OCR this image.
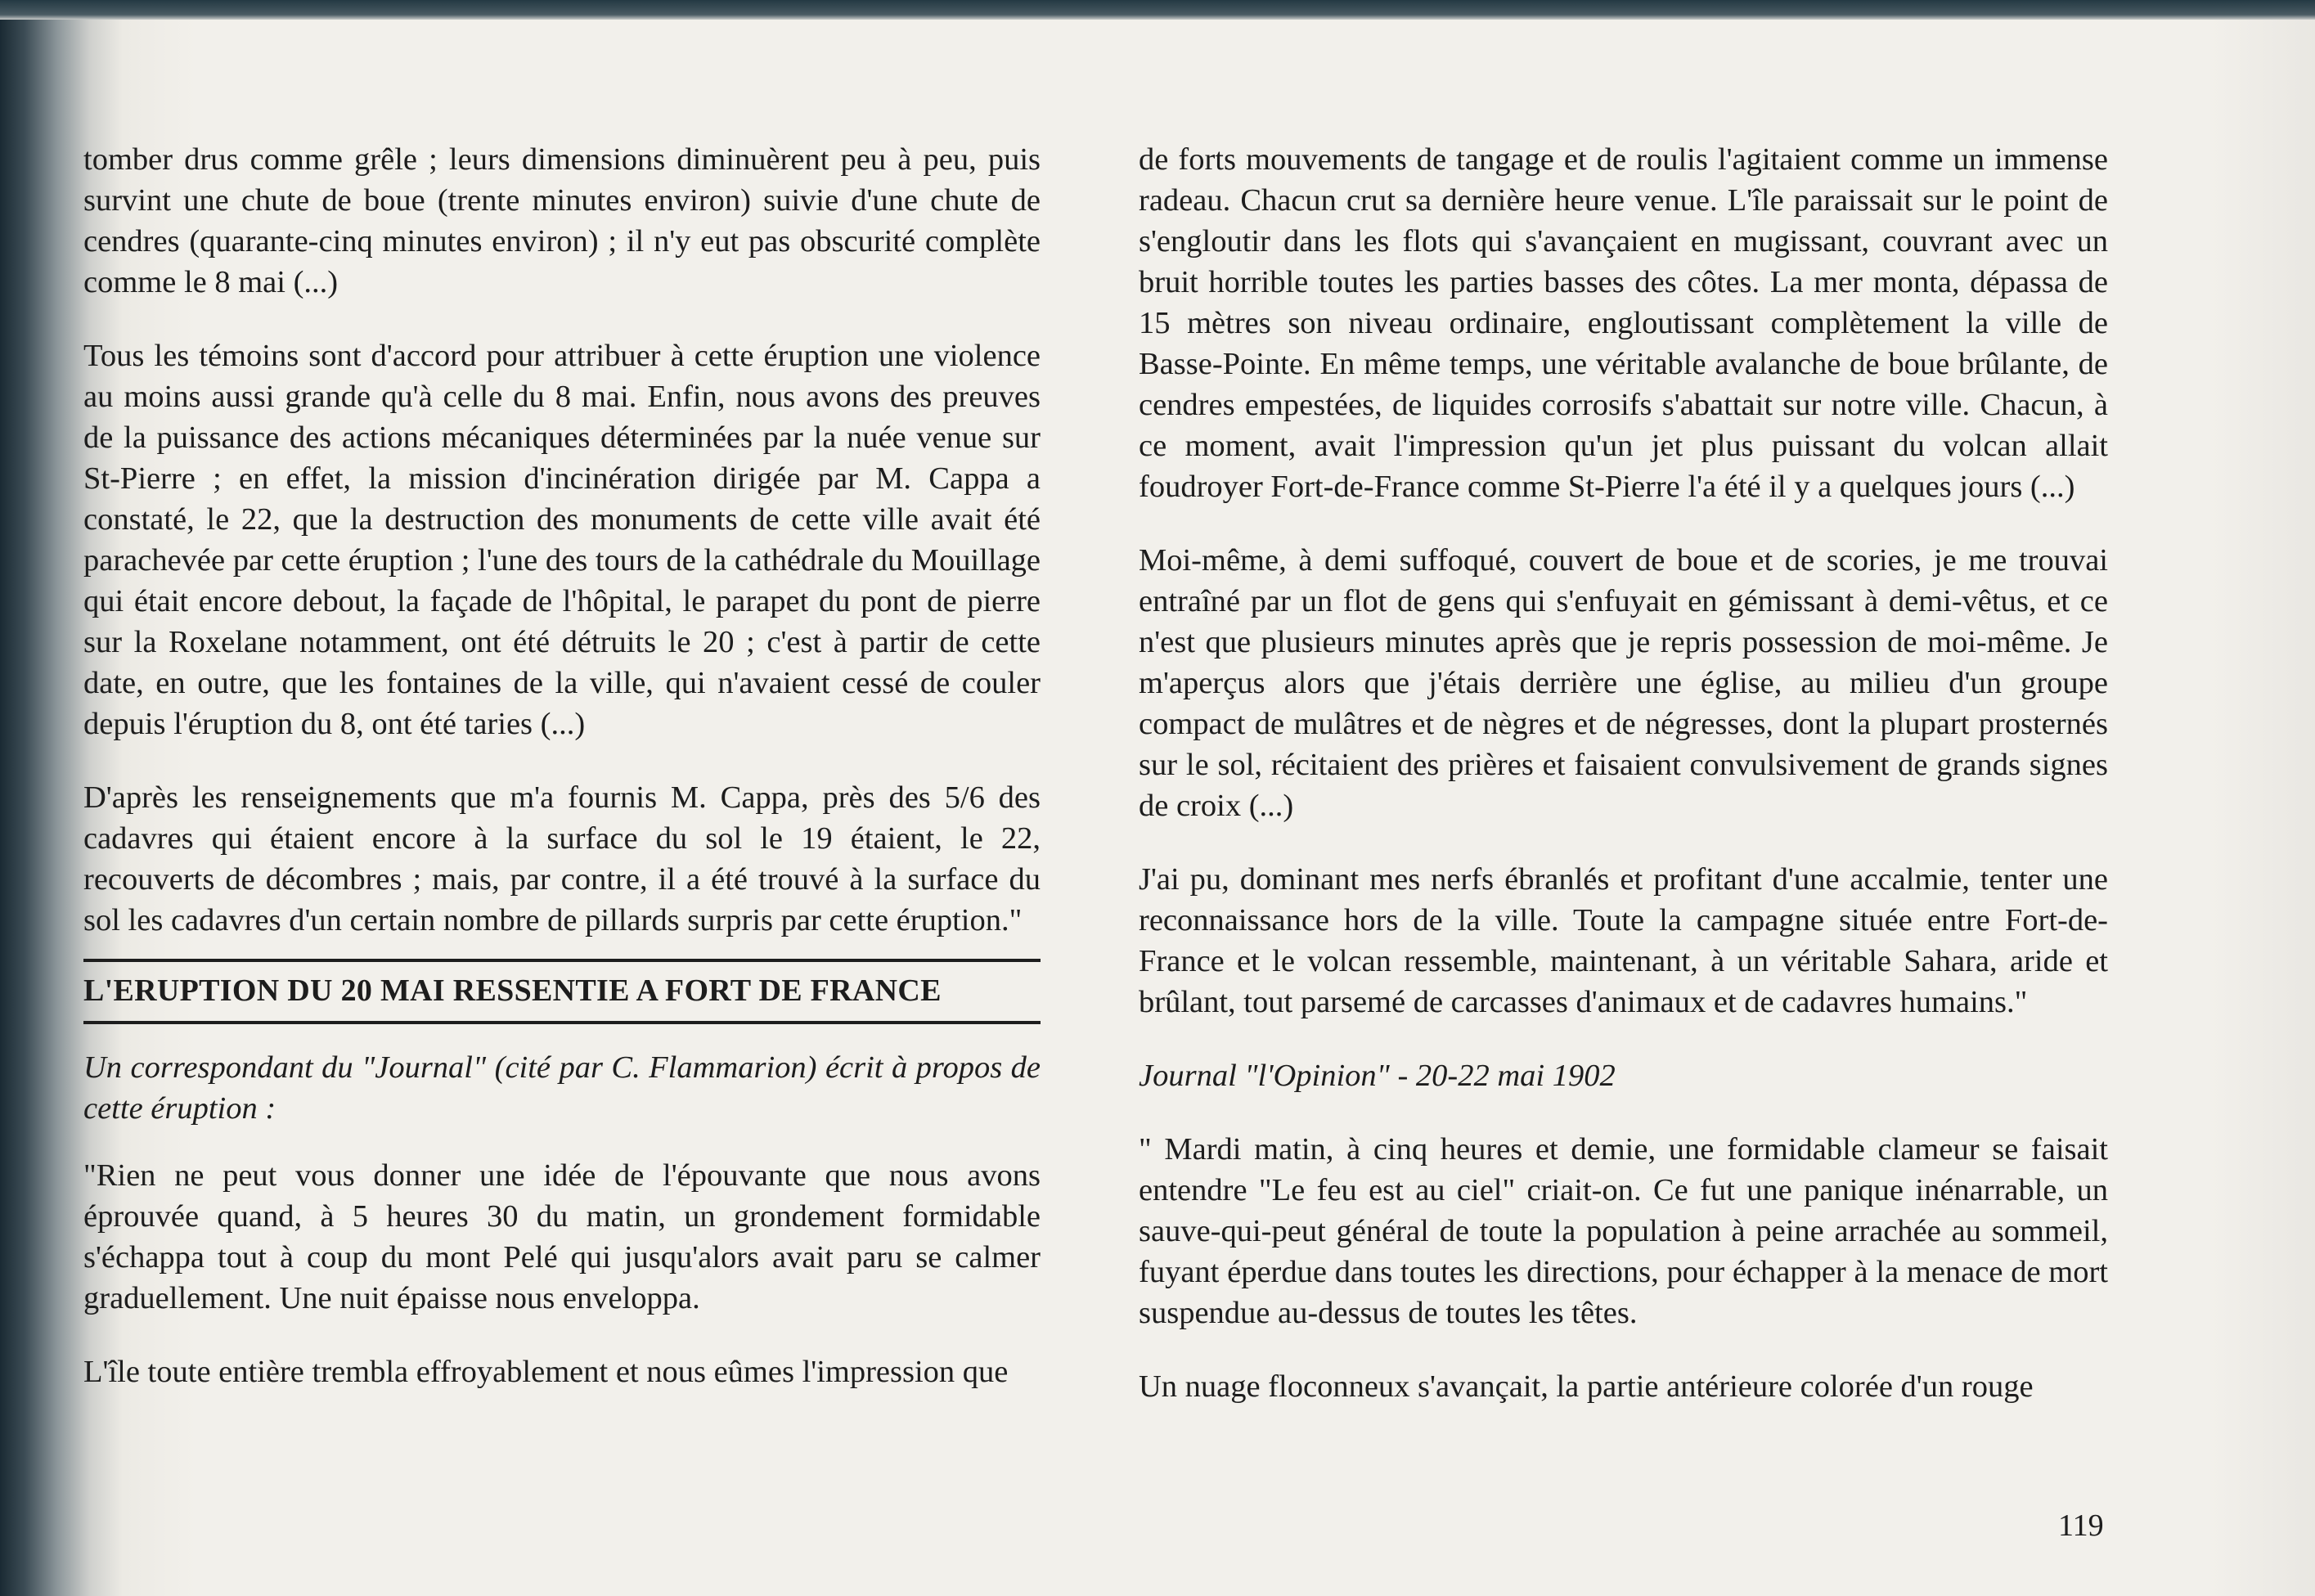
tomber drus comme grêle ; leurs dimensions diminuèrent peu à peu, puis survint une chute de boue (trente minutes environ) suivie d'une chute de cendres (quarante-cinq minutes environ) ; il n'y eut pas obscurité complète comme le 8 mai (...)

Tous les témoins sont d'accord pour attribuer à cette éruption une violence au moins aussi grande qu'à celle du 8 mai. Enfin, nous avons des preuves de la puissance des actions mécaniques déterminées par la nuée venue sur St-Pierre ; en effet, la mission d'incinération dirigée par M. Cappa a constaté, le 22, que la destruction des monuments de cette ville avait été parachevée par cette éruption ; l'une des tours de la cathédrale du Mouillage qui était encore debout, la façade de l'hôpital, le parapet du pont de pierre sur la Roxelane notamment, ont été détruits le 20 ; c'est à partir de cette date, en outre, que les fontaines de la ville, qui n'avaient cessé de couler depuis l'éruption du 8, ont été taries (...)

D'après les renseignements que m'a fournis M. Cappa, près des 5/6 des cadavres qui étaient encore à la surface du sol le 19 étaient, le 22, recouverts de décombres ; mais, par contre, il a été trouvé à la surface du sol les cadavres d'un certain nombre de pillards surpris par cette éruption."

L'ERUPTION DU 20 MAI RESSENTIE A FORT DE FRANCE

Un correspondant du "Journal" (cité par C. Flammarion) écrit à propos de cette éruption :

"Rien ne peut vous donner une idée de l'épouvante que nous avons éprouvée quand, à 5 heures 30 du matin, un grondement formidable s'échappa tout à coup du mont Pelé qui jusqu'alors avait paru se calmer graduellement. Une nuit épaisse nous enveloppa.

L'île toute entière trembla effroyablement et nous eûmes l'impression que

de forts mouvements de tangage et de roulis l'agitaient comme un immense radeau. Chacun crut sa dernière heure venue. L'île paraissait sur le point de s'engloutir dans les flots qui s'avançaient en mugissant, couvrant avec un bruit horrible toutes les parties basses des côtes. La mer monta, dépassa de 15 mètres son niveau ordinaire, engloutissant complètement la ville de Basse-Pointe. En même temps, une véritable avalanche de boue brûlante, de cendres empestées, de liquides corrosifs s'abattait sur notre ville. Chacun, à ce moment, avait l'impression qu'un jet plus puissant du volcan allait foudroyer Fort-de-France comme St-Pierre l'a été il y a quelques jours (...)

Moi-même, à demi suffoqué, couvert de boue et de scories, je me trouvai entraîné par un flot de gens qui s'enfuyait en gémissant à demi-vêtus, et ce n'est que plusieurs minutes après que je repris possession de moi-même. Je m'aperçus alors que j'étais derrière une église, au milieu d'un groupe compact de mulâtres et de nègres et de négresses, dont la plupart prosternés sur le sol, récitaient des prières et faisaient convulsivement de grands signes de croix (...)

J'ai pu, dominant mes nerfs ébranlés et profitant d'une accalmie, tenter une reconnaissance hors de la ville. Toute la campagne située entre Fort-de-France et le volcan ressemble, maintenant, à un véritable Sahara, aride et brûlant, tout parsemé de carcasses d'animaux et de cadavres humains."

Journal "l'Opinion" - 20-22 mai 1902

" Mardi matin, à cinq heures et demie, une formidable clameur se faisait entendre "Le feu est au ciel" criait-on. Ce fut une panique inénarrable, un sauve-qui-peut général de toute la population à peine arrachée au sommeil, fuyant éperdue dans toutes les directions, pour échapper à la menace de mort suspendue au-dessus de toutes les têtes.

Un nuage floconneux s'avançait, la partie antérieure colorée d'un rouge

119
